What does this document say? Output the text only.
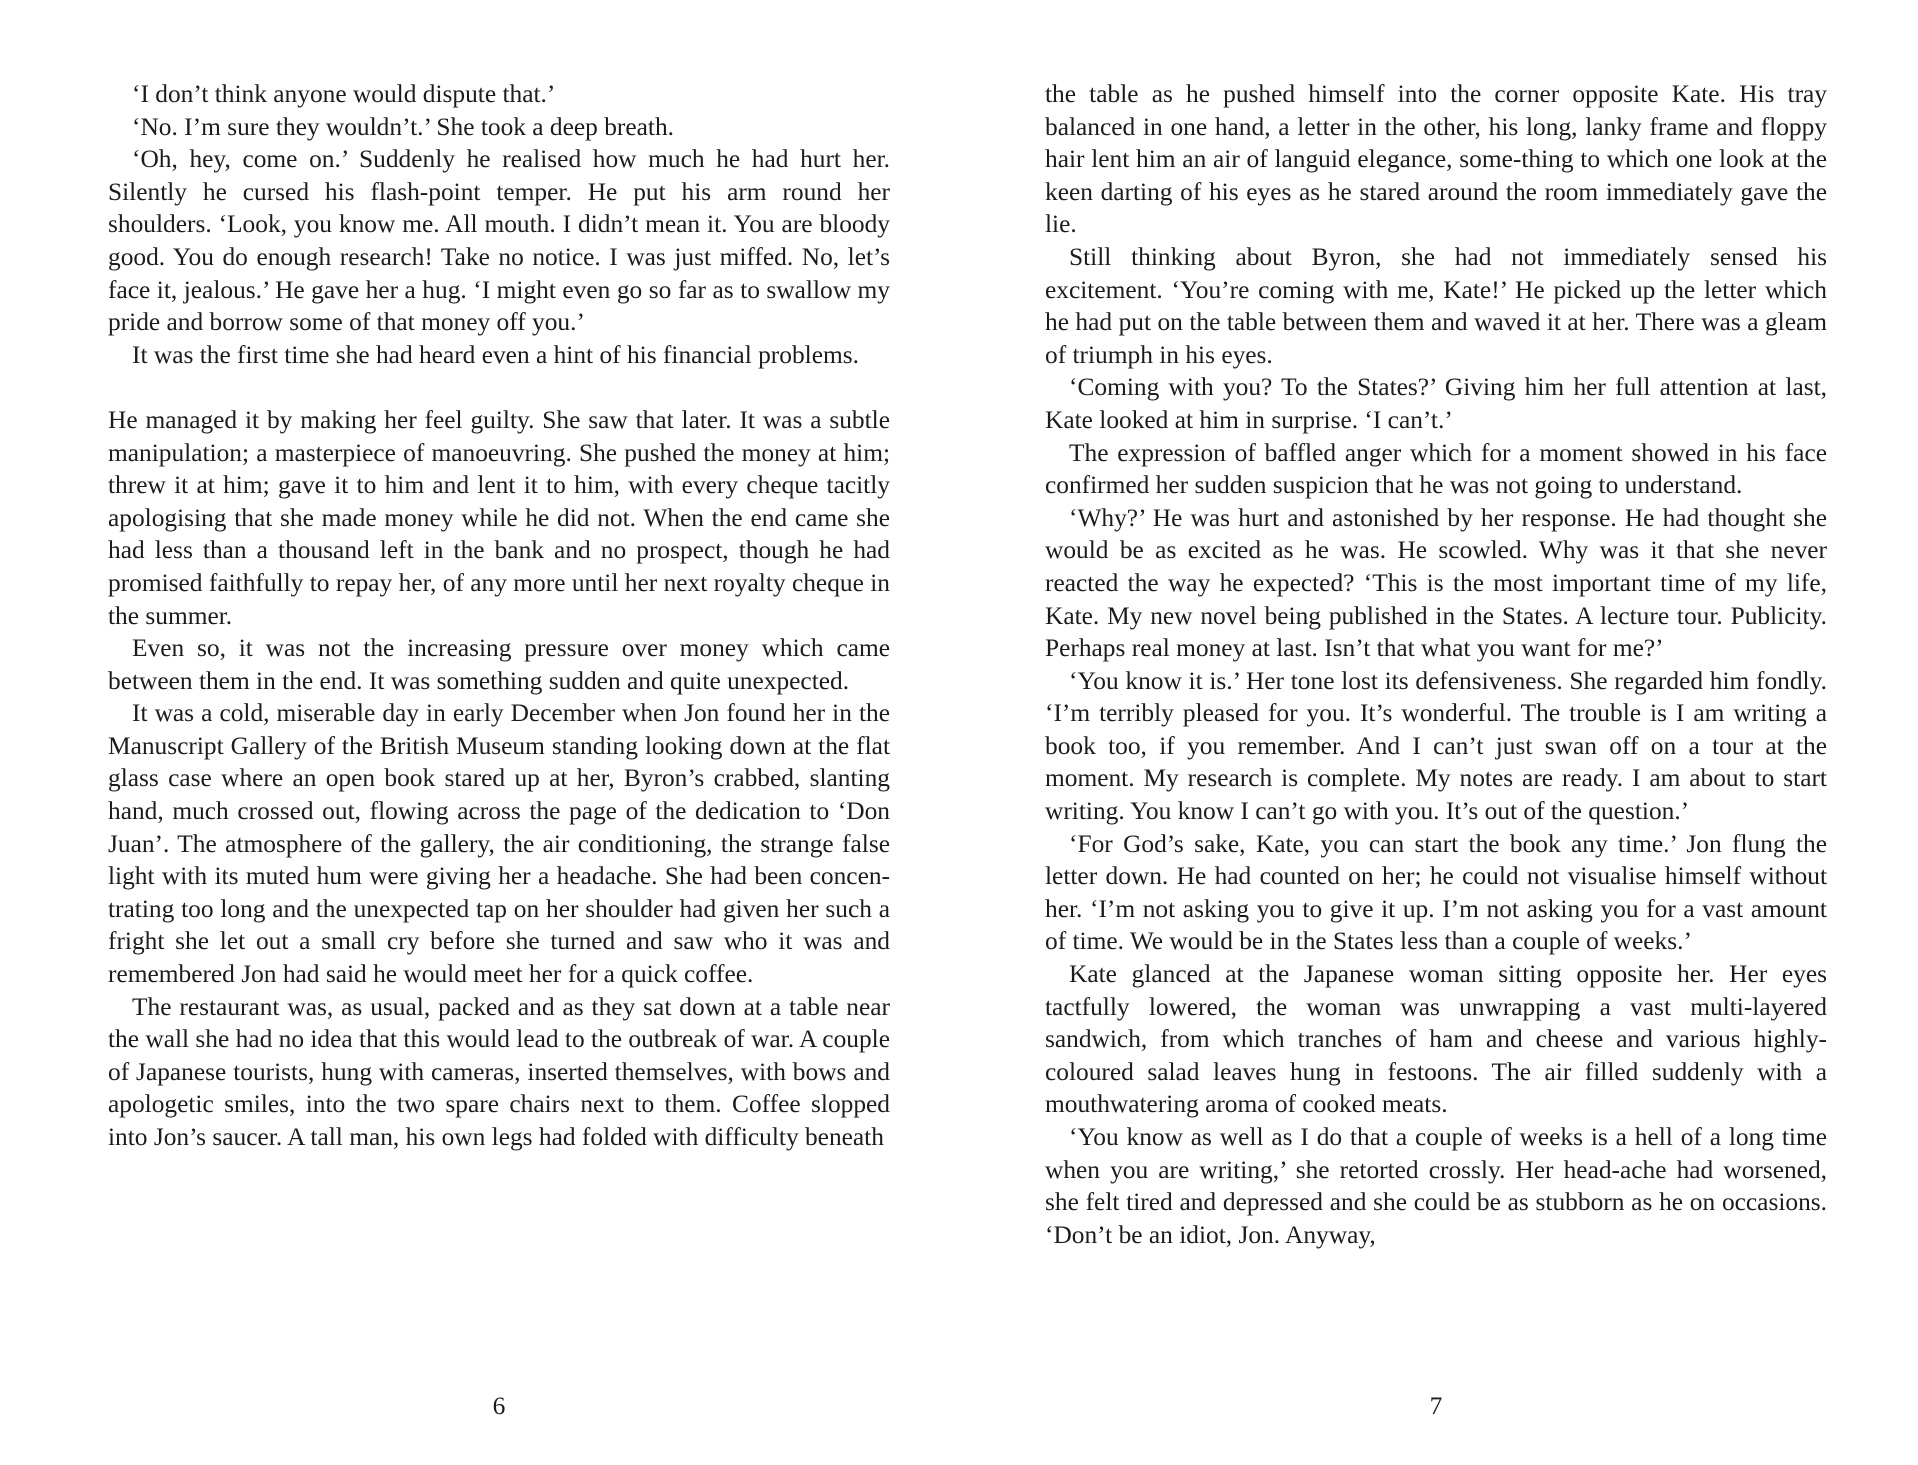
‘I don’t think anyone would dispute that.’

‘No. I’m sure they wouldn’t.’ She took a deep breath.

‘Oh, hey, come on.’ Suddenly he realised how much he had hurt her. Silently he cursed his flash-point temper. He put his arm round her shoulders. ‘Look, you know me. All mouth. I didn’t mean it. You are bloody good. You do enough research! Take no notice. I was just miffed. No, let’s face it, jealous.’ He gave her a hug. ‘I might even go so far as to swallow my pride and borrow some of that money off you.’

It was the first time she had heard even a hint of his financial problems.

He managed it by making her feel guilty. She saw that later. It was a subtle manipulation; a masterpiece of manoeuvring. She pushed the money at him; threw it at him; gave it to him and lent it to him, with every cheque tacitly apologising that she made money while he did not. When the end came she had less than a thousand left in the bank and no prospect, though he had promised faithfully to repay her, of any more until her next royalty cheque in the summer.

Even so, it was not the increasing pressure over money which came between them in the end. It was something sudden and quite unexpected.

It was a cold, miserable day in early December when Jon found her in the Manuscript Gallery of the British Museum standing looking down at the flat glass case where an open book stared up at her, Byron’s crabbed, slanting hand, much crossed out, flowing across the page of the dedication to ‘Don Juan’. The atmosphere of the gallery, the air conditioning, the strange false light with its muted hum were giving her a headache. She had been concen-trating too long and the unexpected tap on her shoulder had given her such a fright she let out a small cry before she turned and saw who it was and remembered Jon had said he would meet her for a quick coffee.

The restaurant was, as usual, packed and as they sat down at a table near the wall she had no idea that this would lead to the outbreak of war. A couple of Japanese tourists, hung with cameras, inserted themselves, with bows and apologetic smiles, into the two spare chairs next to them. Coffee slopped into Jon’s saucer. A tall man, his own legs had folded with difficulty beneath

6

the table as he pushed himself into the corner opposite Kate. His tray balanced in one hand, a letter in the other, his long, lanky frame and floppy hair lent him an air of languid elegance, some-thing to which one look at the keen darting of his eyes as he stared around the room immediately gave the lie.

Still thinking about Byron, she had not immediately sensed his excitement. ‘You’re coming with me, Kate!’ He picked up the letter which he had put on the table between them and waved it at her. There was a gleam of triumph in his eyes.

‘Coming with you? To the States?’ Giving him her full attention at last, Kate looked at him in surprise. ‘I can’t.’

The expression of baffled anger which for a moment showed in his face confirmed her sudden suspicion that he was not going to understand.

‘Why?’ He was hurt and astonished by her response. He had thought she would be as excited as he was. He scowled. Why was it that she never reacted the way he expected? ‘This is the most important time of my life, Kate. My new novel being published in the States. A lecture tour. Publicity. Perhaps real money at last. Isn’t that what you want for me?’

‘You know it is.’ Her tone lost its defensiveness. She regarded him fondly. ‘I’m terribly pleased for you. It’s wonderful. The trouble is I am writing a book too, if you remember. And I can’t just swan off on a tour at the moment. My research is complete. My notes are ready. I am about to start writing. You know I can’t go with you. It’s out of the question.’

‘For God’s sake, Kate, you can start the book any time.’ Jon flung the letter down. He had counted on her; he could not visualise himself without her. ‘I’m not asking you to give it up. I’m not asking you for a vast amount of time. We would be in the States less than a couple of weeks.’

Kate glanced at the Japanese woman sitting opposite her. Her eyes tactfully lowered, the woman was unwrapping a vast multi-layered sandwich, from which tranches of ham and cheese and various highly-coloured salad leaves hung in festoons. The air filled suddenly with a mouthwatering aroma of cooked meats.

‘You know as well as I do that a couple of weeks is a hell of a long time when you are writing,’ she retorted crossly. Her head-ache had worsened, she felt tired and depressed and she could be as stubborn as he on occasions. ‘Don’t be an idiot, Jon. Anyway,

7
